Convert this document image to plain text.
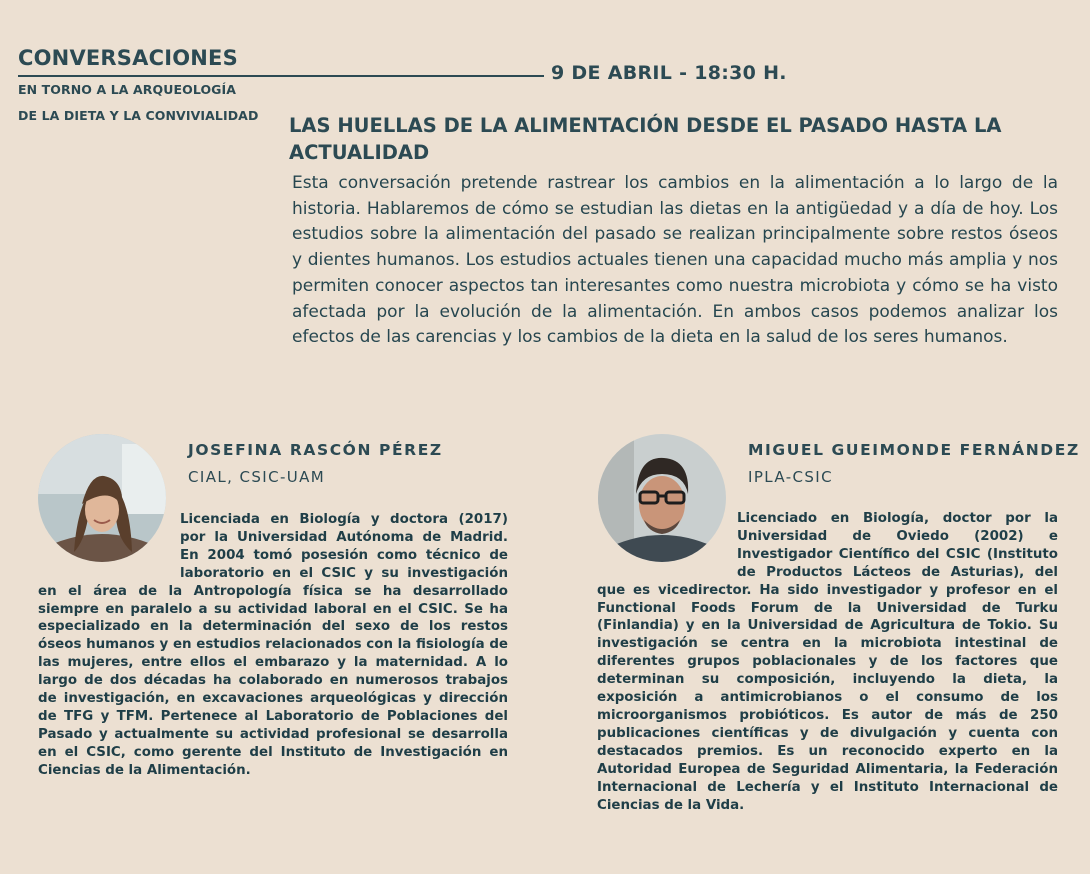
CONVERSACIONES
EN TORNO A LA ARQUEOLOGÍA
DE LA DIETA Y LA CONVIVIALIDAD
9 DE ABRIL - 18:30 H.
LAS HUELLAS DE LA ALIMENTACIÓN DESDE EL PASADO HASTA LA ACTUALIDAD
Esta conversación pretende rastrear los cambios en la alimentación a lo largo de la historia. Hablaremos de cómo se estudian las dietas en la antigüedad y a día de hoy. Los estudios sobre la alimentación del pasado se realizan principalmente sobre restos óseos y dientes humanos. Los estudios actuales tienen una capacidad mucho más amplia y nos permiten conocer aspectos tan interesantes como nuestra microbiota y cómo se ha visto afectada por la evolución de la alimentación. En ambos casos podemos analizar los efectos de las carencias y los cambios de la dieta en la salud de los seres humanos.
JOSEFINA RASCÓN PÉREZ
CIAL, CSIC-UAM
Licenciada en Biología y doctora (2017) por la Universidad Autónoma de Madrid. En 2004 tomó posesión como técnico de laboratorio en el CSIC y su investigación en el área de la Antropología física se ha desarrollado siempre en paralelo a su actividad laboral en el CSIC. Se ha especializado en la determinación del sexo de los restos óseos humanos y en estudios relacionados con la fisiología de las mujeres, entre ellos el embarazo y la maternidad. A lo largo de dos décadas ha colaborado en numerosos trabajos de investigación, en excavaciones arqueológicas y dirección de TFG y TFM. Pertenece al Laboratorio de Poblaciones del Pasado y actualmente su actividad profesional se desarrolla en el CSIC, como gerente del Instituto de Investigación en Ciencias de la Alimentación.
MIGUEL GUEIMONDE FERNÁNDEZ
IPLA-CSIC
Licenciado en Biología, doctor por la Universidad de Oviedo (2002) e Investigador Científico del CSIC (Instituto de Productos Lácteos de Asturias), del que es vicedirector. Ha sido investigador y profesor en el Functional Foods Forum de la Universidad de Turku (Finlandia) y en la Universidad de Agricultura de Tokio. Su investigación se centra en la microbiota intestinal de diferentes grupos poblacionales y de los factores que determinan su composición, incluyendo la dieta, la exposición a antimicrobianos o el consumo de los microorganismos probióticos. Es autor de más de 250 publicaciones científicas y de divulgación y cuenta con destacados premios. Es un reconocido experto en la Autoridad Europea de Seguridad Alimentaria, la Federación Internacional de Lechería y el Instituto Internacional de Ciencias de la Vida.
